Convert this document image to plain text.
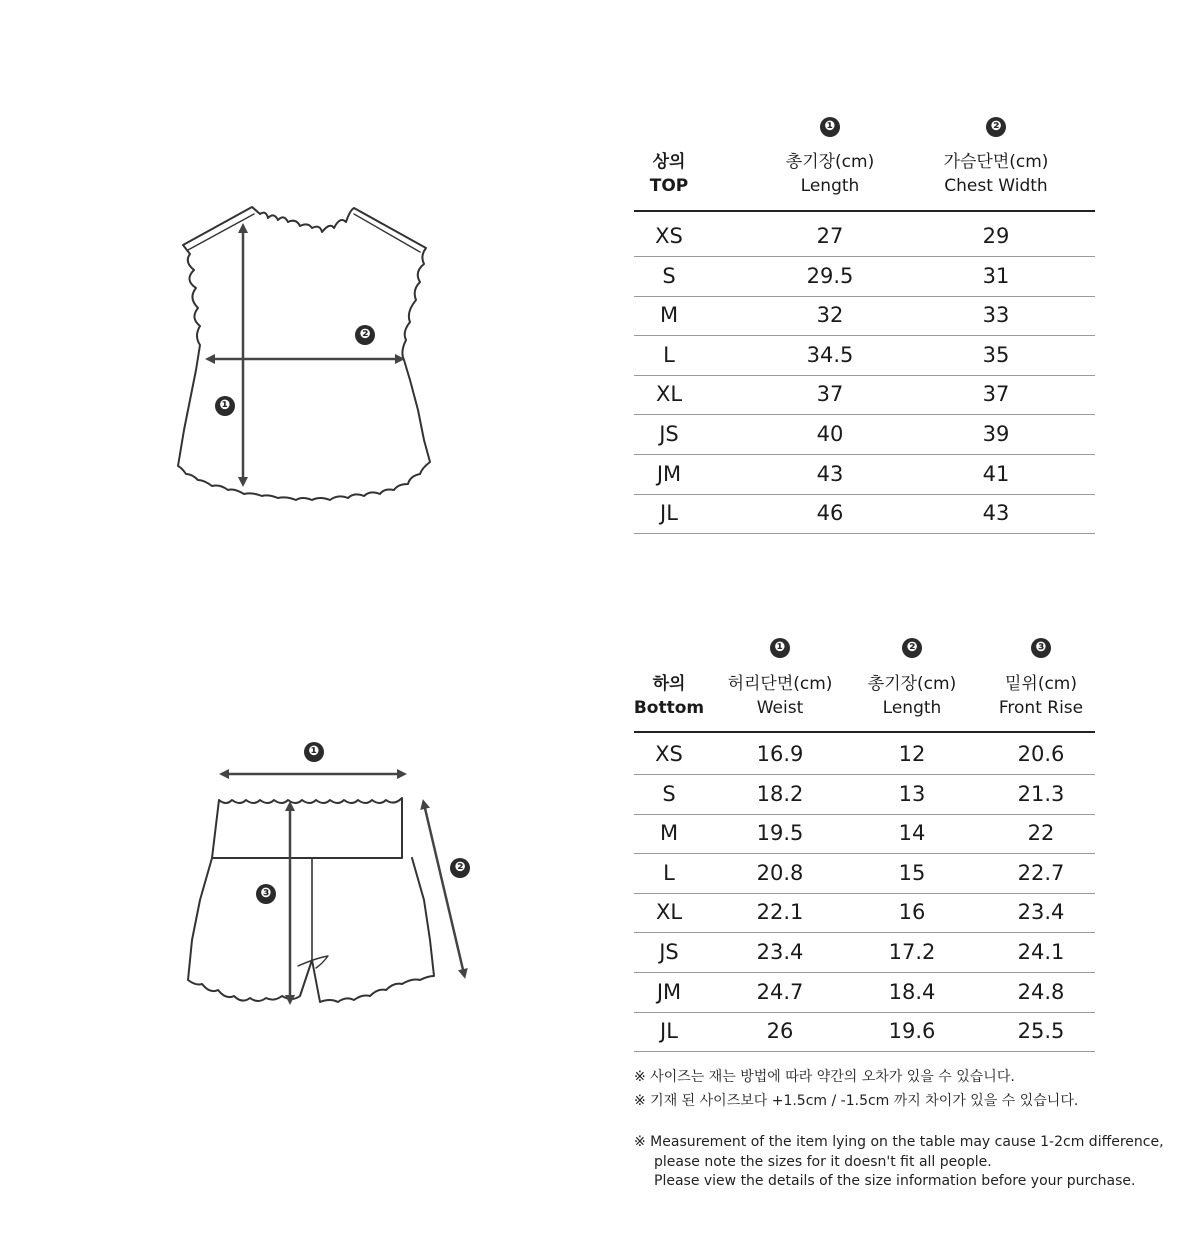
❶
❷
❶
❷
❸
상의
TOP
❶
총기장(cm)
Length
❷
가슴단면(cm)
Chest Width
XS	27	29
S	29.5	31
M	32	33
L	34.5	35
XL	37	37
JS	40	39
JM	43	41
JL	46	43
하의
Bottom
❶
허리단면(cm)
Weist
❷
총기장(cm)
Length
❸
밑위(cm)
Front Rise
XS	16.9	12	20.6
S	18.2	13	21.3
M	19.5	14	22
L	20.8	15	22.7
XL	22.1	16	23.4
JS	23.4	17.2	24.1
JM	24.7	18.4	24.8
JL	26	19.6	25.5
※ 사이즈는 재는 방법에 따라 약간의 오차가 있을 수 있습니다.
※ 기재 된 사이즈보다 +1.5cm / -1.5cm 까지 차이가 있을 수 있습니다.
※ Measurement of the item lying on the table may cause 1-2cm difference,
please note the sizes for it doesn't fit all people.
Please view the details of the size information before your purchase.
